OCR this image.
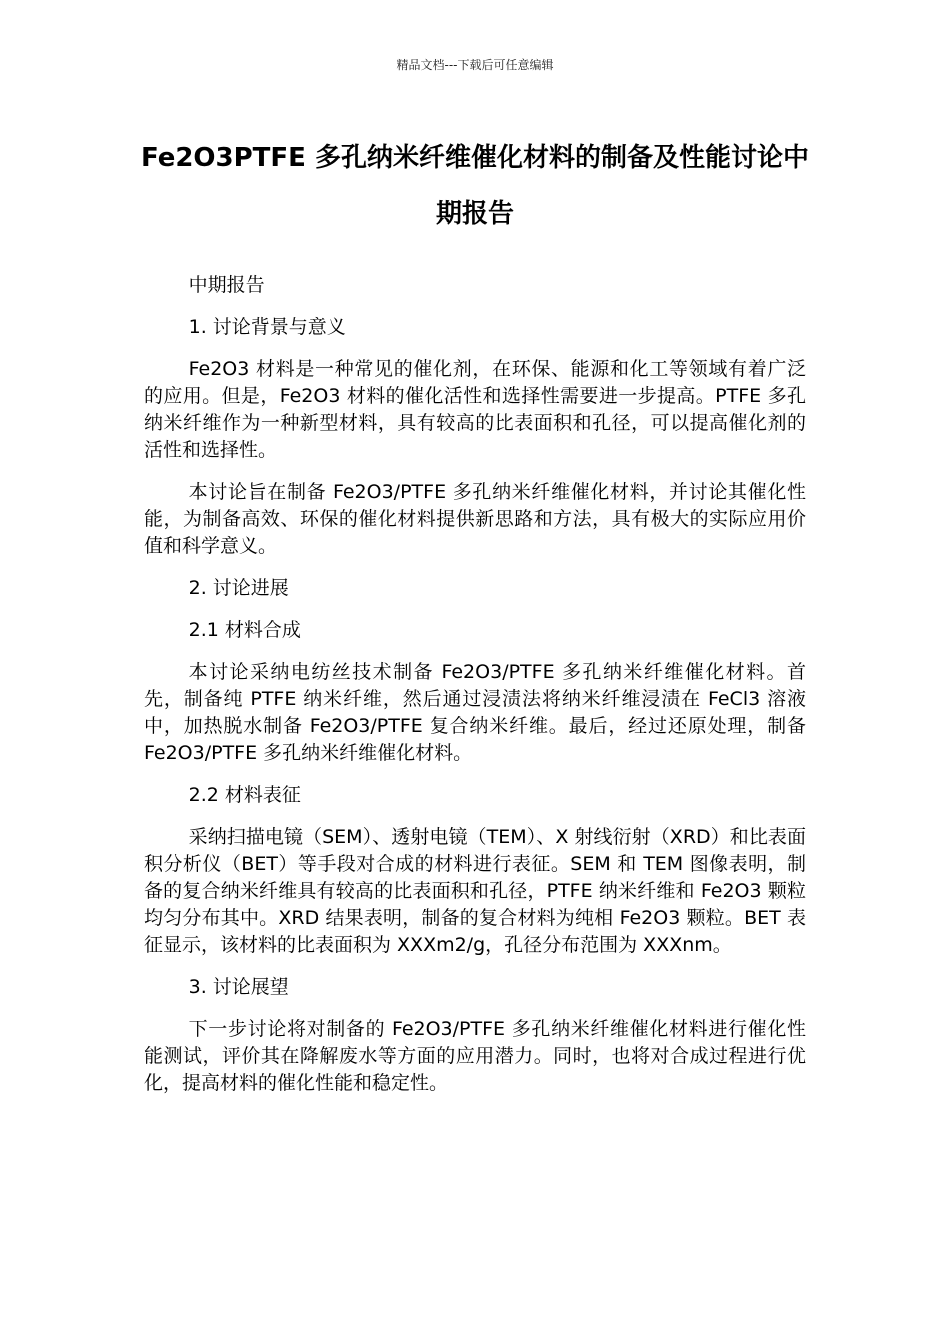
精品文档---下载后可任意编辑
Fe2O3PTFE 多孔纳米纤维催化材料的制备及性能讨论中期报告

中期报告

1. 讨论背景与意义

Fe2O3 材料是一种常见的催化剂，在环保、能源和化工等领域有着广泛的应用。但是，Fe2O3 材料的催化活性和选择性需要进一步提高。PTFE 多孔纳米纤维作为一种新型材料，具有较高的比表面积和孔径，可以提高催化剂的活性和选择性。

本讨论旨在制备 Fe2O3/PTFE 多孔纳米纤维催化材料，并讨论其催化性能，为制备高效、环保的催化材料提供新思路和方法，具有极大的实际应用价值和科学意义。

2. 讨论进展

2.1 材料合成

本讨论采纳电纺丝技术制备 Fe2O3/PTFE 多孔纳米纤维催化材料。首先，制备纯 PTFE 纳米纤维，然后通过浸渍法将纳米纤维浸渍在 FeCl3 溶液中，加热脱水制备 Fe2O3/PTFE 复合纳米纤维。最后，经过还原处理，制备 Fe2O3/PTFE 多孔纳米纤维催化材料。

2.2 材料表征

采纳扫描电镜（SEM）、透射电镜（TEM）、X 射线衍射（XRD）和比表面积分析仪（BET）等手段对合成的材料进行表征。SEM 和 TEM 图像表明，制备的复合纳米纤维具有较高的比表面积和孔径，PTFE 纳米纤维和 Fe2O3 颗粒均匀分布其中。XRD 结果表明，制备的复合材料为纯相 Fe2O3 颗粒。BET 表征显示，该材料的比表面积为 XXXm2/g，孔径分布范围为 XXXnm。

3. 讨论展望

下一步讨论将对制备的 Fe2O3/PTFE 多孔纳米纤维催化材料进行催化性能测试，评价其在降解废水等方面的应用潜力。同时，也将对合成过程进行优化，提高材料的催化性能和稳定性。
